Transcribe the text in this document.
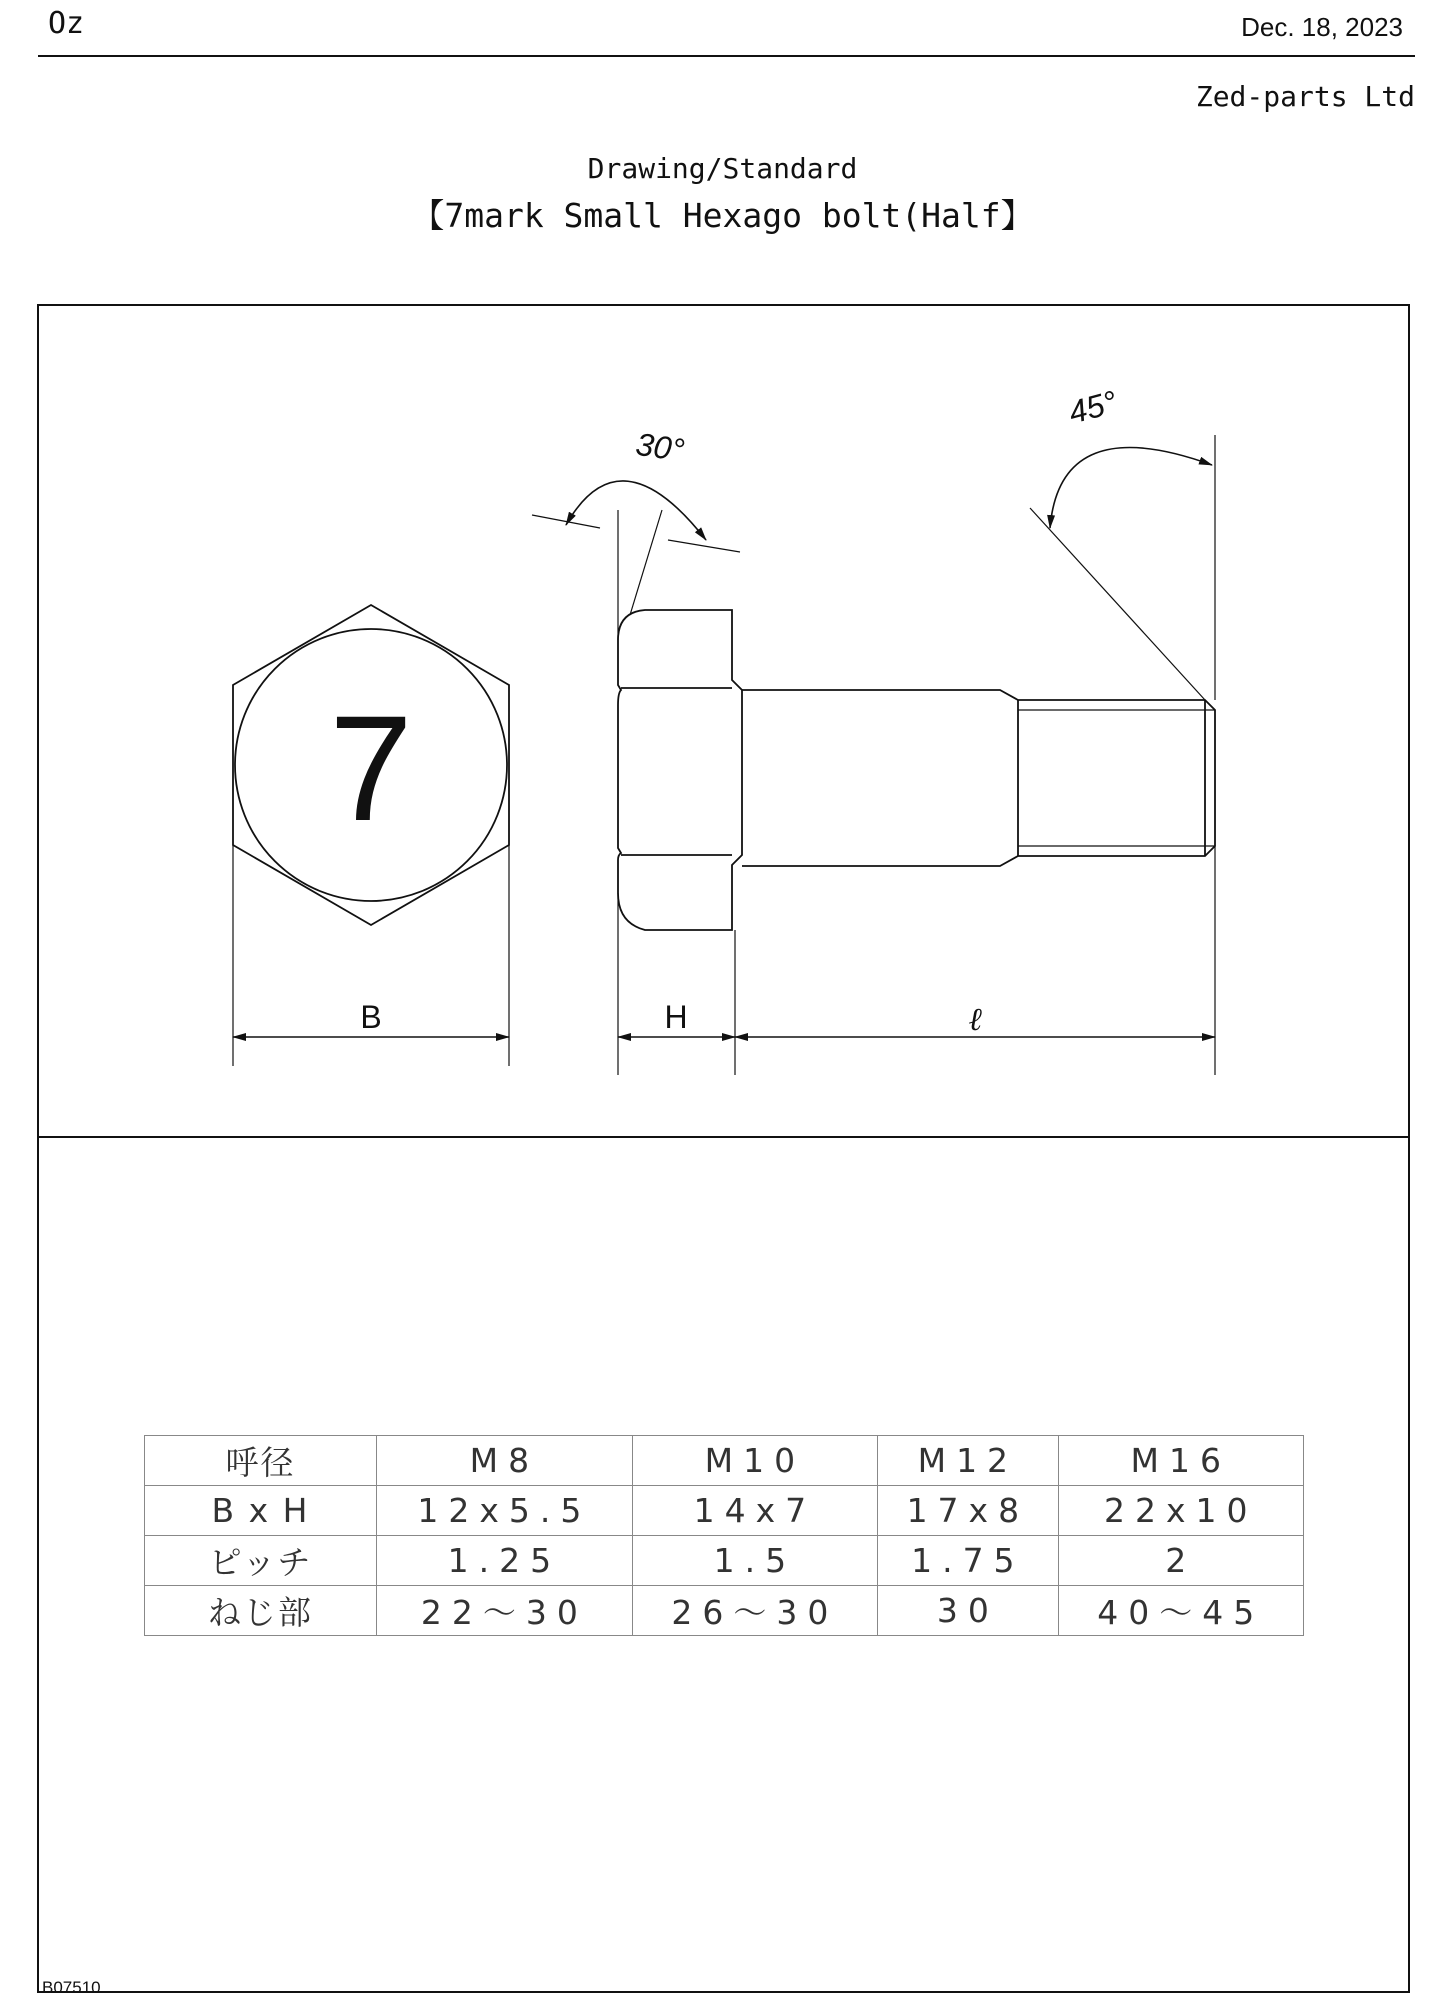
Oz	Dec. 18, 2023
Zed-parts Ltd
Drawing/Standard
【7mark Small Hexago bolt(Half】
7
B	H	ℓ
30°
45°
呼径	M8	M10	M12	M16
B x H	12x5.5	14x7	17x8	22x10
ピッチ	1.25	1.5	1.75	2
ねじ部	22～30	26～30	30	40～45
B07510
